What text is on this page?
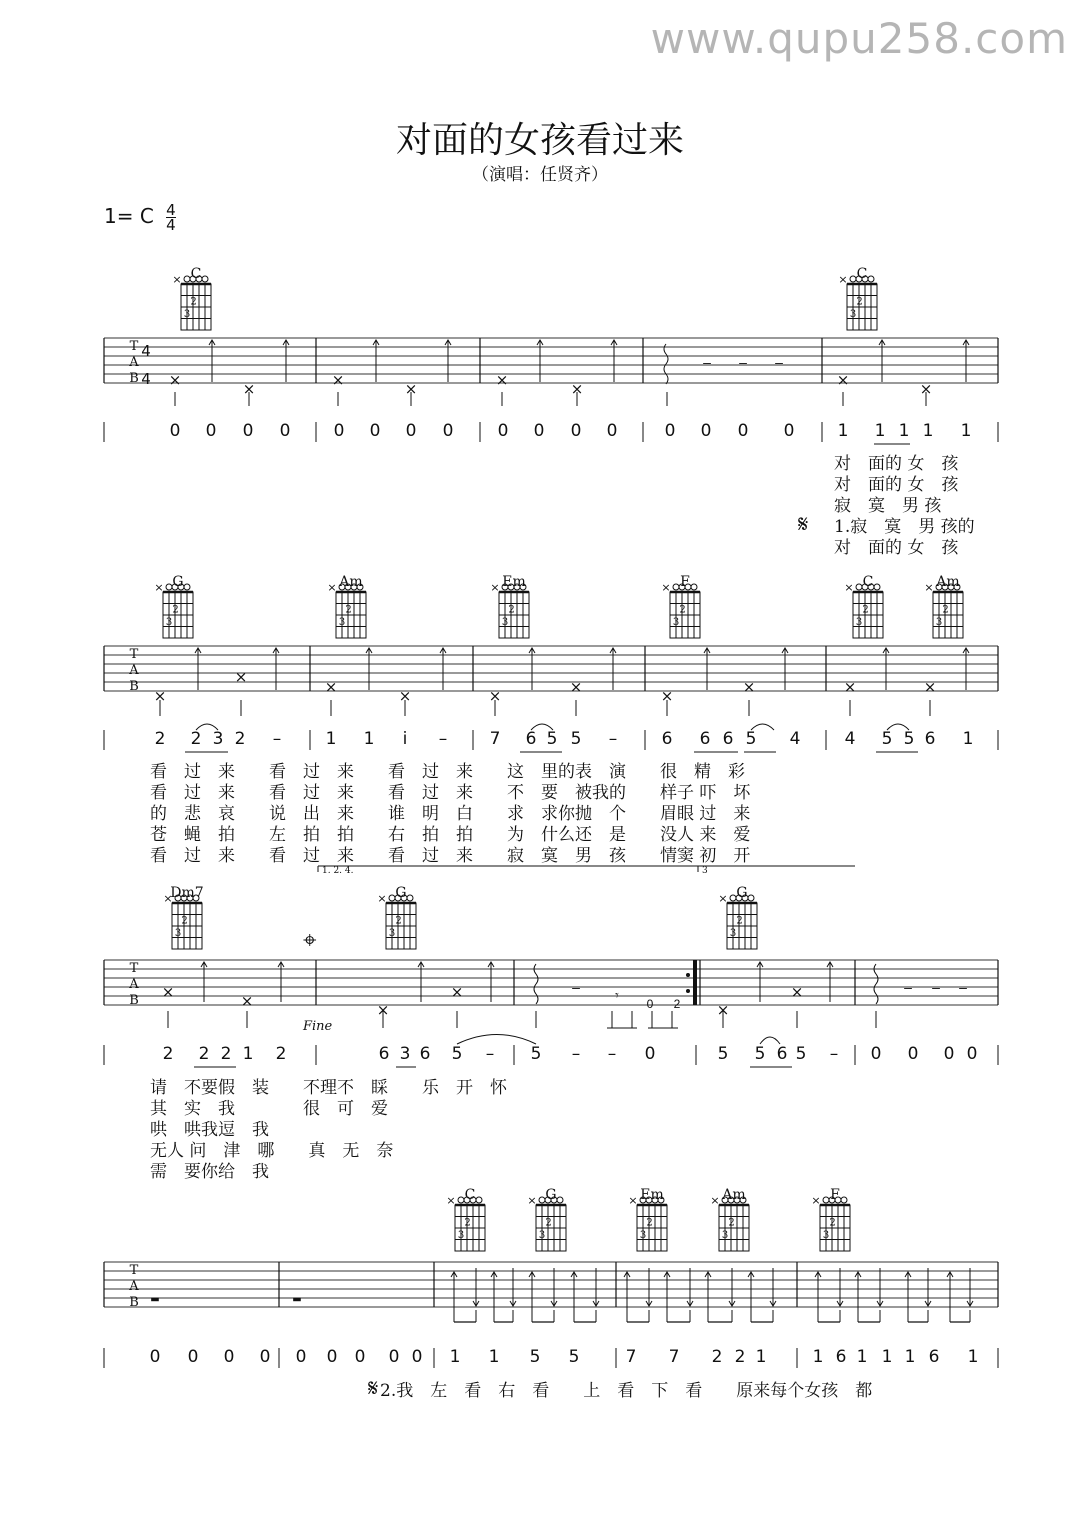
www.qupu258.com
对面的女孩看过来
（演唱：任贤齐）
1= C $\frac{4}{4}$
×
2
3
×
2
3
T
A
B
4
4 ×	×	×	×	×	×	×	×
– – –
×
2
3
×
2
3
×
2
3
×
2
3
×
2
3
×
2
3
T
A
B
×
×
×	×	×	×	×	×	×	×
×
2
3
×
2
3
×
2
3
T
A
B ×	×	×
×
×
×
–	– – –
𝄾 0 2
×
2
3
×
2
3
×
2
3
×
2
3
×
2
3
T
A
B ▬	▬
C	C
0 0 0 0	0 0 0 0	0 0 0 0	0 0 0 0	1 1 1 1 1
对　面的 女　孩
对　面的 女　孩
寂　寞　男 孩
1.寂　寞　男 孩的
对　面的 女　孩
𝄋
G	Am	Em	F	C	Am
2 2 3 2	–	1 1	i	–	7 6 5 5	–	6 6 6 5 4	4 5 5 6 1
看　过　来　　看　过　来　　看　过　来　　这　里的表　演　　很　精　彩
看　过　来　　看　过　来　　看　过　来　　不　要　被我的　　样子 吓　坏
的　悲　哀　　说　出　来　　谁　明　白　　求　求你抛　个　　眉眼 过　来
苍　蝇　拍　　左　拍　拍　　右　拍　拍　　为　什么还　是　　没人 来　爱
看　过　来　　看　过　来　　看　过　来　　寂　寞　男　孩　　情窦 初　开
1. 2. 4.	3
Dm7	G	G
Fine
⌖
2 2 2 1 2	6 3 6 5	–	5	–	–	0	5 5 6 5	–	0 0 0 0
请　不要假　装　　不理不　睬　　乐　开　怀
其　实　我　　　　很　可　爱
哄　哄我逗　我
无人 问　津　哪　　真　无　奈
需　要你给　我
C	G	Em	Am	F
0 0 0 0 0 0 0 0 0 1 1 5 5	7 7 2 2 1	1 6 1 1 1 6 1
𝄋 2.我　左　看　右　看　　上　看　下　看　　原来每个女孩　都
